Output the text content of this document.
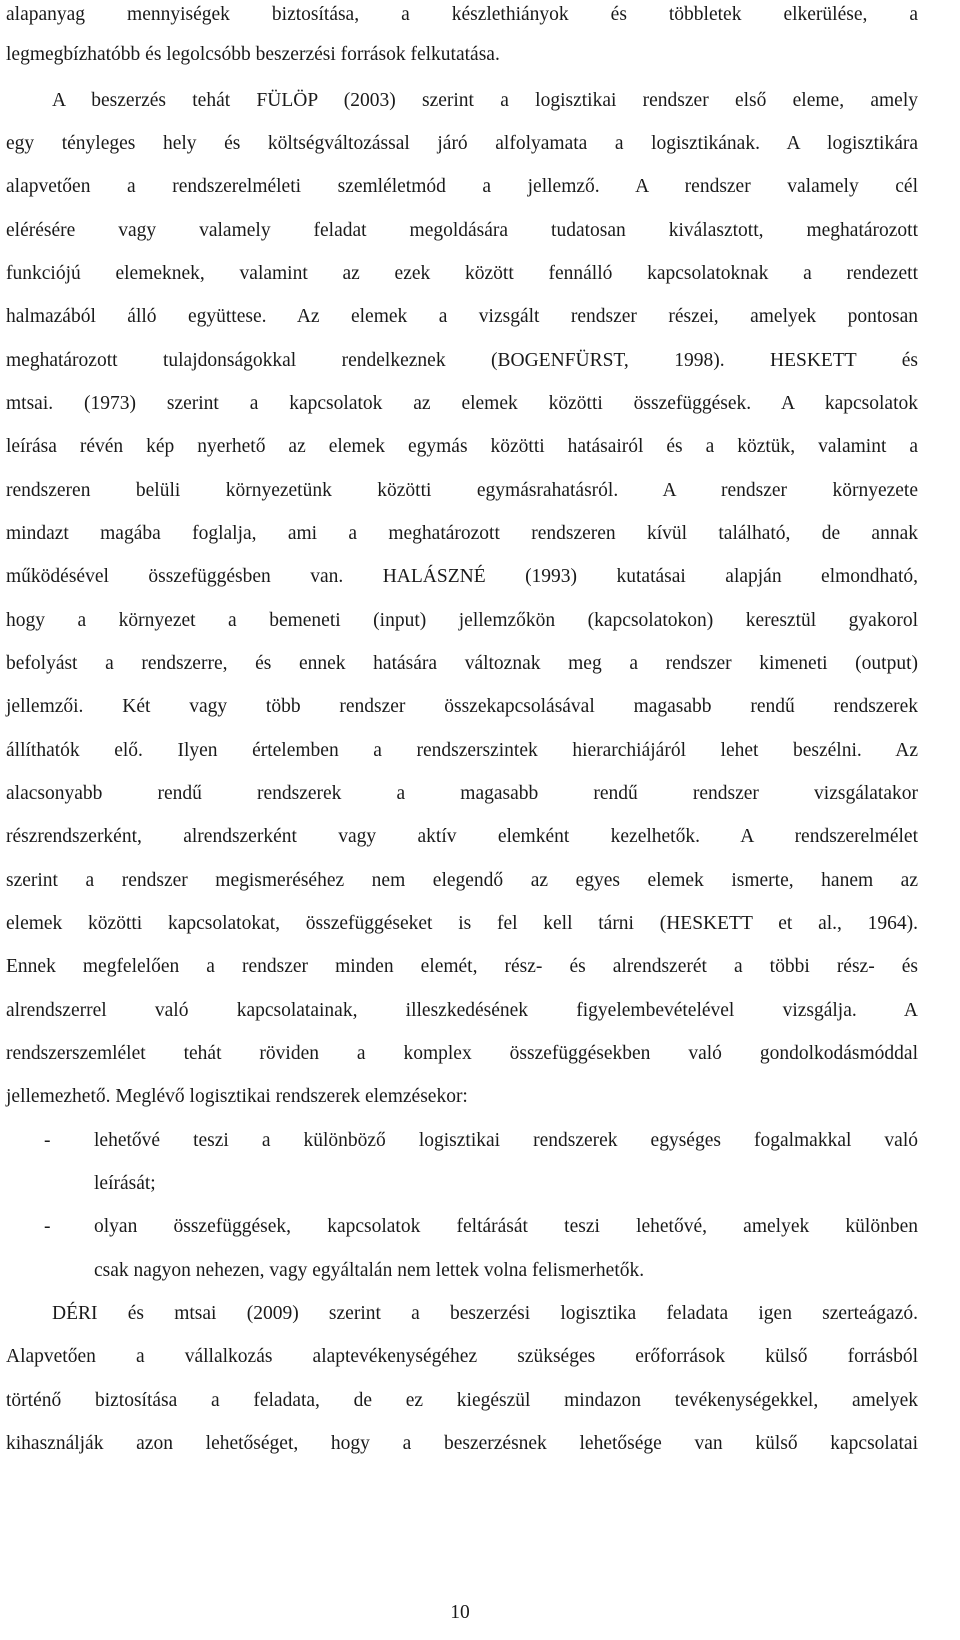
alapanyag mennyiségek biztosítása, a készlethiányok és többletek elkerülése, a
legmegbízhatóbb és legolcsóbb beszerzési források felkutatása.
A beszerzés tehát FÜLÖP (2003) szerint a logisztikai rendszer első eleme, amely
egy tényleges hely és költségváltozással járó alfolyamata a logisztikának. A logisztikára
alapvetően a rendszerelméleti szemléletmód a jellemző. A rendszer valamely cél
elérésére vagy valamely feladat megoldására tudatosan kiválasztott, meghatározott
funkciójú elemeknek, valamint az ezek között fennálló kapcsolatoknak a rendezett
halmazából álló együttese. Az elemek a vizsgált rendszer részei, amelyek pontosan
meghatározott tulajdonságokkal rendelkeznek (BOGENFÜRST, 1998). HESKETT és
mtsai. (1973) szerint a kapcsolatok az elemek közötti összefüggések. A kapcsolatok
leírása révén kép nyerhető az elemek egymás közötti hatásairól és a köztük, valamint a
rendszeren belüli környezetünk közötti egymásrahatásról. A rendszer környezete
mindazt magába foglalja, ami a meghatározott rendszeren kívül található, de annak
működésével összefüggésben van. HALÁSZNÉ (1993) kutatásai alapján elmondható,
hogy a környezet a bemeneti (input) jellemzőkön (kapcsolatokon) keresztül gyakorol
befolyást a rendszerre, és ennek hatására változnak meg a rendszer kimeneti (output)
jellemzői. Két vagy több rendszer összekapcsolásával magasabb rendű rendszerek
állíthatók elő. Ilyen értelemben a rendszerszintek hierarchiájáról lehet beszélni. Az
alacsonyabb rendű rendszerek a magasabb rendű rendszer vizsgálatakor
részrendszerként, alrendszerként vagy aktív elemként kezelhetők. A rendszerelmélet
szerint a rendszer megismeréséhez nem elegendő az egyes elemek ismerte, hanem az
elemek közötti kapcsolatokat, összefüggéseket is fel kell tárni (HESKETT et al., 1964).
Ennek megfelelően a rendszer minden elemét, rész- és alrendszerét a többi rész- és
alrendszerrel való kapcsolatainak, illeszkedésének figyelembevételével vizsgálja. A
rendszerszemlélet tehát röviden a komplex összefüggésekben való gondolkodásmóddal
jellemezhető. Meglévő logisztikai rendszerek elemzésekor:
-	lehetővé teszi a különböző logisztikai rendszerek egységes fogalmakkal való
leírását;
-	olyan összefüggések, kapcsolatok feltárását teszi lehetővé, amelyek különben
csak nagyon nehezen, vagy egyáltalán nem lettek volna felismerhetők.
DÉRI és mtsai (2009) szerint a beszerzési logisztika feladata igen szerteágazó.
Alapvetően a vállalkozás alaptevékenységéhez szükséges erőforrások külső forrásból
történő biztosítása a feladata, de ez kiegészül mindazon tevékenységekkel, amelyek
kihasználják azon lehetőséget, hogy a beszerzésnek lehetősége van külső kapcsolatai
10
